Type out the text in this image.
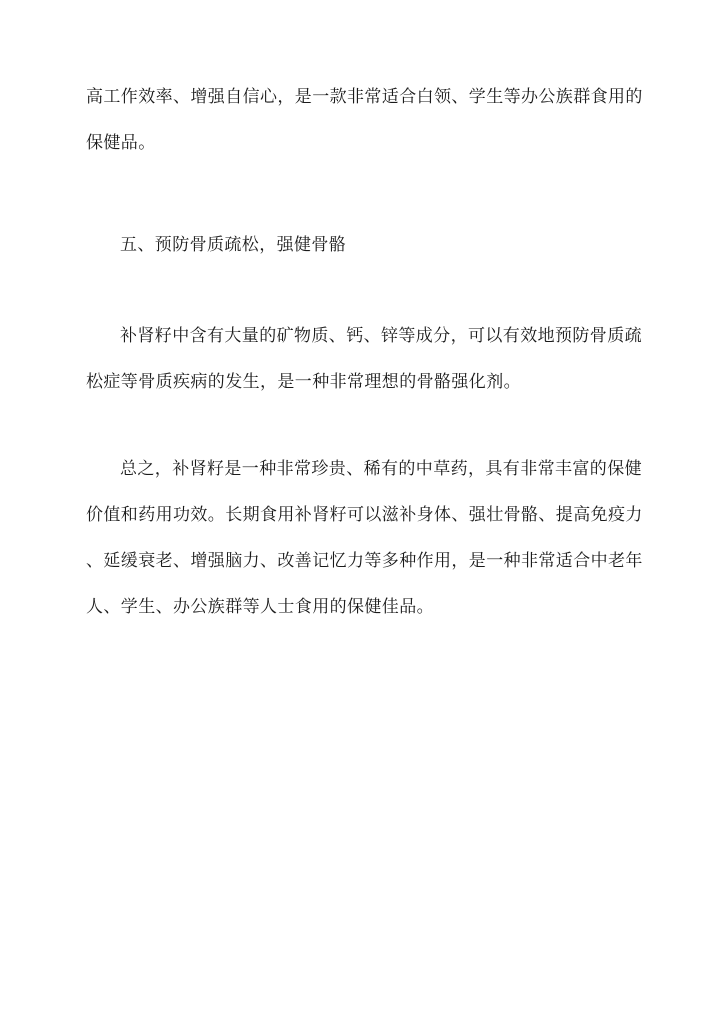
高工作效率、增强自信心，是一款非常适合白领、学生等办公族群食用的
保健品。
五、预防骨质疏松，强健骨骼
补肾籽中含有大量的矿物质、钙、锌等成分，可以有效地预防骨质疏
松症等骨质疾病的发生，是一种非常理想的骨骼强化剂。
总之，补肾籽是一种非常珍贵、稀有的中草药，具有非常丰富的保健
价值和药用功效。长期食用补肾籽可以滋补身体、强壮骨骼、提高免疫力
、延缓衰老、增强脑力、改善记忆力等多种作用，是一种非常适合中老年
人、学生、办公族群等人士食用的保健佳品。
